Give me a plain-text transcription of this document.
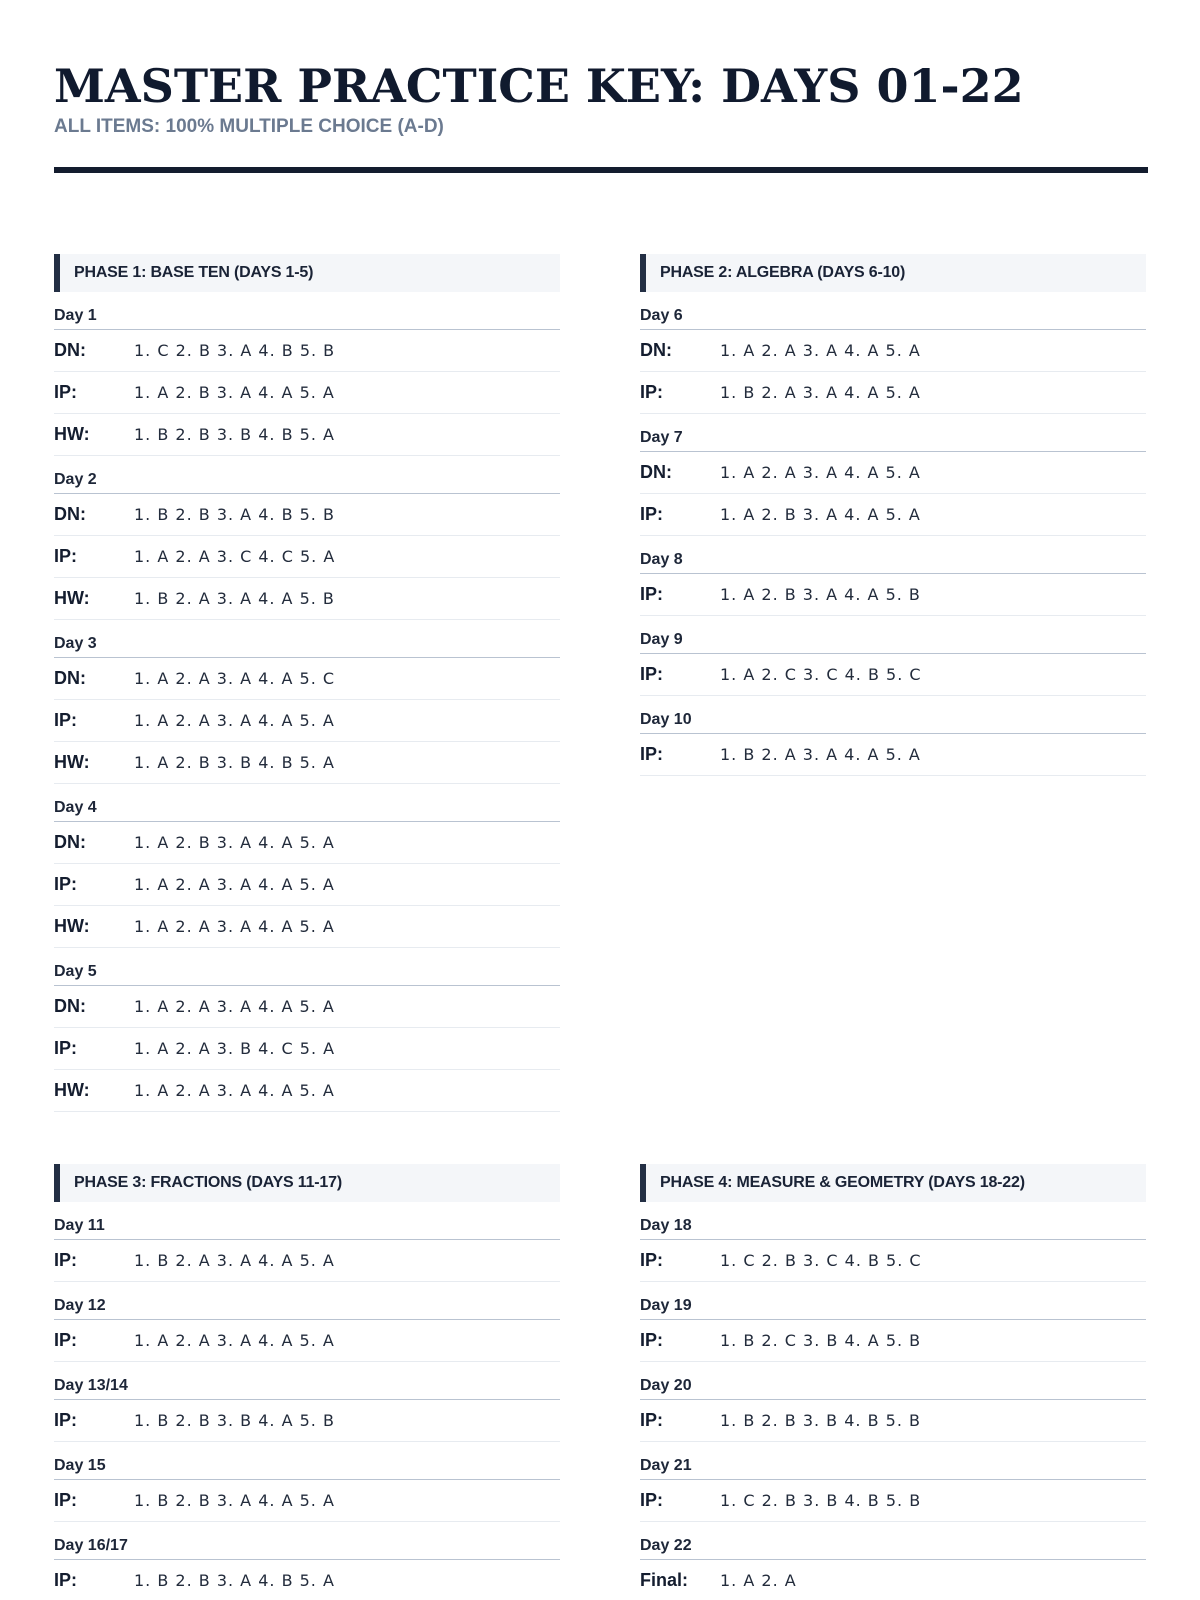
MASTER PRACTICE KEY: DAYS 01-22
ALL ITEMS: 100% MULTIPLE CHOICE (A-D)
PHASE 1: BASE TEN (DAYS 1-5)
Day 1
DN:	1. C 2. B 3. A 4. B 5. B
IP:	1. A 2. B 3. A 4. A 5. A
HW:	1. B 2. B 3. B 4. B 5. A
Day 2
DN:	1. B 2. B 3. A 4. B 5. B
IP:	1. A 2. A 3. C 4. C 5. A
HW:	1. B 2. A 3. A 4. A 5. B
Day 3
DN:	1. A 2. A 3. A 4. A 5. C
IP:	1. A 2. A 3. A 4. A 5. A
HW:	1. A 2. B 3. B 4. B 5. A
Day 4
DN:	1. A 2. B 3. A 4. A 5. A
IP:	1. A 2. A 3. A 4. A 5. A
HW:	1. A 2. A 3. A 4. A 5. A
Day 5
DN:	1. A 2. A 3. A 4. A 5. A
IP:	1. A 2. A 3. B 4. C 5. A
HW:	1. A 2. A 3. A 4. A 5. A
PHASE 2: ALGEBRA (DAYS 6-10)
Day 6
DN:	1. A 2. A 3. A 4. A 5. A
IP:	1. B 2. A 3. A 4. A 5. A
Day 7
DN:	1. A 2. A 3. A 4. A 5. A
IP:	1. A 2. B 3. A 4. A 5. A
Day 8
IP:	1. A 2. B 3. A 4. A 5. B
Day 9
IP:	1. A 2. C 3. C 4. B 5. C
Day 10
IP:	1. B 2. A 3. A 4. A 5. A
PHASE 3: FRACTIONS (DAYS 11-17)
Day 11
IP:	1. B 2. A 3. A 4. A 5. A
Day 12
IP:	1. A 2. A 3. A 4. A 5. A
Day 13/14
IP:	1. B 2. B 3. B 4. A 5. B
Day 15
IP:	1. B 2. B 3. A 4. A 5. A
Day 16/17
IP:	1. B 2. B 3. A 4. B 5. A
PHASE 4: MEASURE & GEOMETRY (DAYS 18-22)
Day 18
IP:	1. C 2. B 3. C 4. B 5. C
Day 19
IP:	1. B 2. C 3. B 4. A 5. B
Day 20
IP:	1. B 2. B 3. B 4. B 5. B
Day 21
IP:	1. C 2. B 3. B 4. B 5. B
Day 22
Final:	1. A 2. A
